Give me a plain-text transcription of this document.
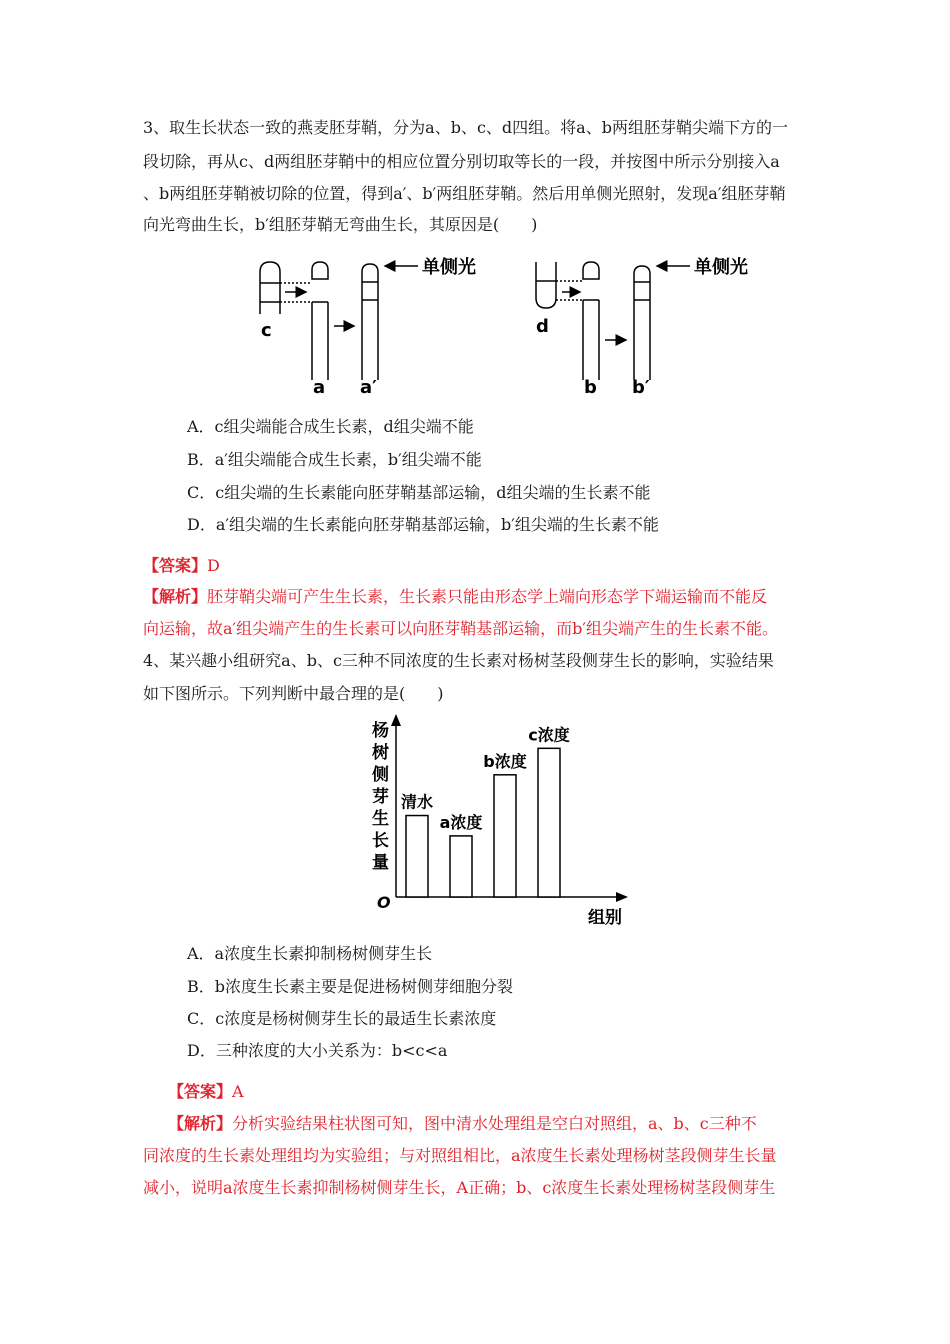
3、取生长状态一致的燕麦胚芽鞘，分为a、b、c、d四组。将a、b两组胚芽鞘尖端下方的一
段切除，再从c、d两组胚芽鞘中的相应位置分别切取等长的一段，并按图中所示分别接入a
、b两组胚芽鞘被切除的位置，得到a′、b′两组胚芽鞘。然后用单侧光照射，发现a′组胚芽鞘
向光弯曲生长，b′组胚芽鞘无弯曲生长，其原因是(　　)
单侧光	单侧光
c
a a′
d
b b′
A．c组尖端能合成生长素，d组尖端不能
B．a′组尖端能合成生长素，b′组尖端不能
C．c组尖端的生长素能向胚芽鞘基部运输，d组尖端的生长素不能
D．a′组尖端的生长素能向胚芽鞘基部运输，b′组尖端的生长素不能
【答案】D
【解析】胚芽鞘尖端可产生生长素，生长素只能由形态学上端向形态学下端运输而不能反
向运输，故a′组尖端产生的生长素可以向胚芽鞘基部运输，而b′组尖端产生的生长素不能。
4、某兴趣小组研究a、b、c三种不同浓度的生长素对杨树茎段侧芽生长的影响，实验结果
如下图所示。下列判断中最合理的是(　　)
杨
树
侧
芽
生
长
量
O
组别
清水
a浓度
b浓度
c浓度
A．a浓度生长素抑制杨树侧芽生长
B．b浓度生长素主要是促进杨树侧芽细胞分裂
C．c浓度是杨树侧芽生长的最适生长素浓度
D．三种浓度的大小关系为：b<c<a
【答案】A
【解析】分析实验结果柱状图可知，图中清水处理组是空白对照组，a、b、c三种不
同浓度的生长素处理组均为实验组；与对照组相比，a浓度生长素处理杨树茎段侧芽生长量
减小，说明a浓度生长素抑制杨树侧芽生长，A正确；b、c浓度生长素处理杨树茎段侧芽生
